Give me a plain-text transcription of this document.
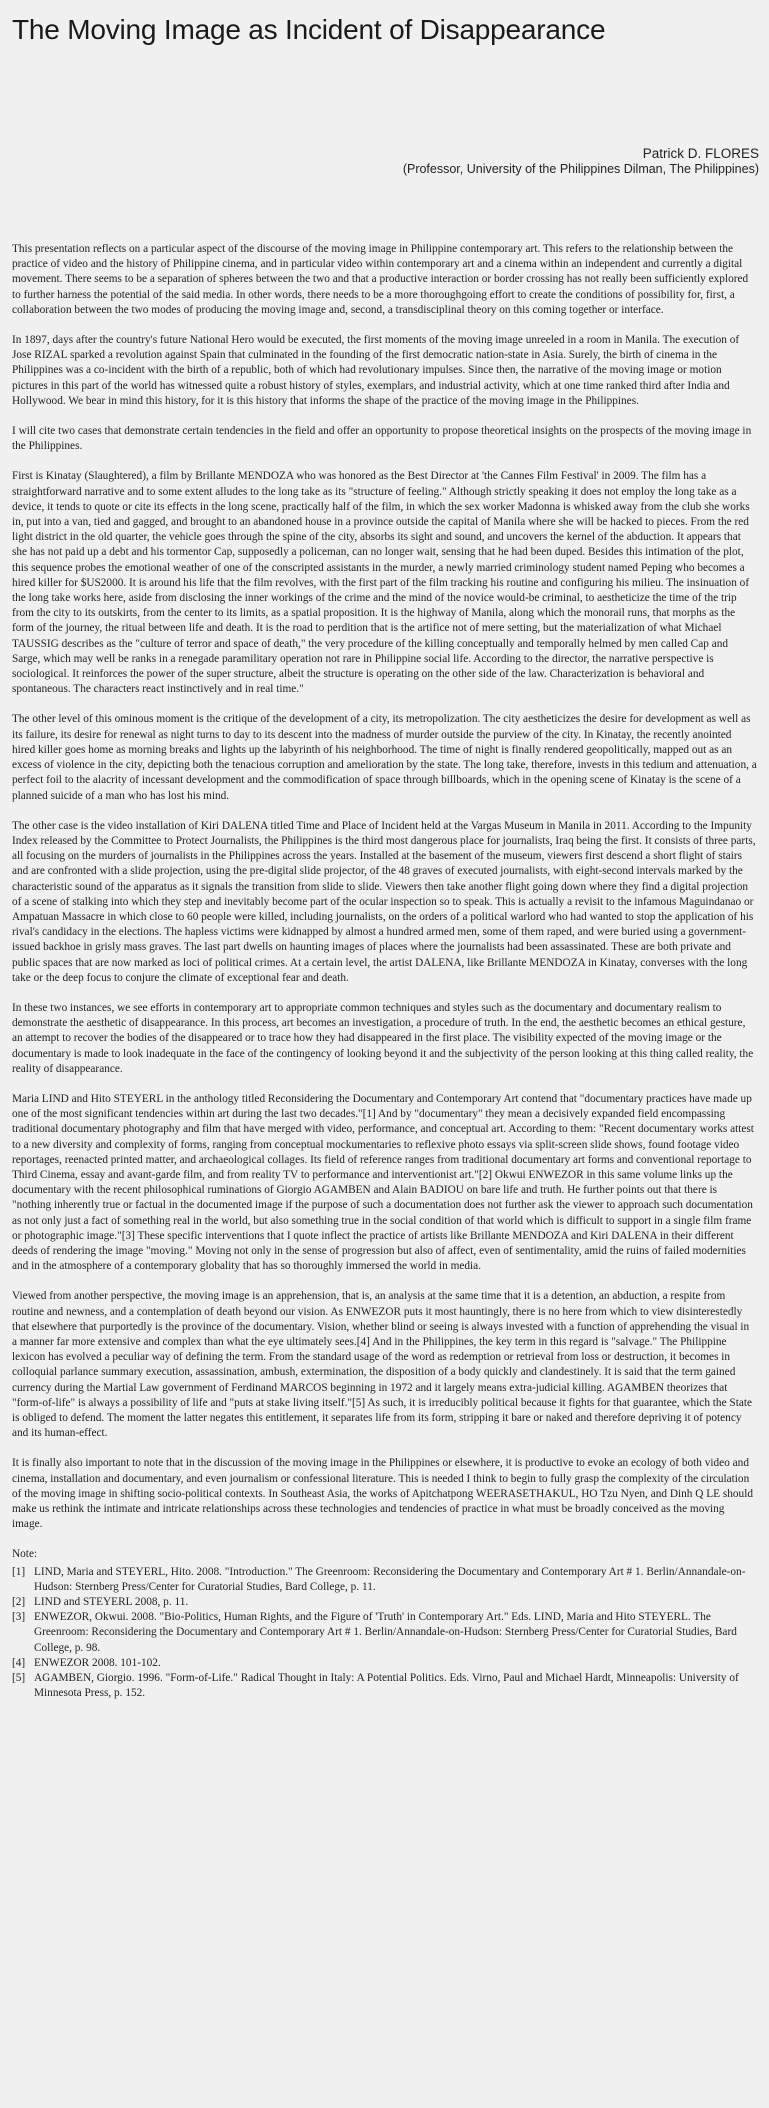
The Moving Image as Incident of Disappearance
Patrick D. FLORES
(Professor, University of the Philippines Dilman, The Philippines)

This presentation reflects on a particular aspect of the discourse of the moving image in Philippine contemporary art. This refers to the relationship between the practice of video and the history of Philippine cinema, and in particular video within contemporary art and a cinema within an independent and currently a digital movement. There seems to be a separation of spheres between the two and that a productive interaction or border crossing has not really been sufficiently explored to further harness the potential of the said media. In other words, there needs to be a more thoroughgoing effort to create the conditions of possibility for, first, a collaboration between the two modes of producing the moving image and, second, a transdisciplinal theory on this coming together or interface.

In 1897, days after the country's future National Hero would be executed, the first moments of the moving image unreeled in a room in Manila. The execution of Jose RIZAL sparked a revolution against Spain that culminated in the founding of the first democratic nation-state in Asia. Surely, the birth of cinema in the Philippines was a co-incident with the birth of a republic, both of which had revolutionary impulses. Since then, the narrative of the moving image or motion pictures in this part of the world has witnessed quite a robust history of styles, exemplars, and industrial activity, which at one time ranked third after India and Hollywood. We bear in mind this history, for it is this history that informs the shape of the practice of the moving image in the Philippines.

I will cite two cases that demonstrate certain tendencies in the field and offer an opportunity to propose theoretical insights on the prospects of the moving image in the Philippines.

First is Kinatay (Slaughtered), a film by Brillante MENDOZA who was honored as the Best Director at 'the Cannes Film Festival' in 2009. The film has a straightforward narrative and to some extent alludes to the long take as its "structure of feeling." Although strictly speaking it does not employ the long take as a device, it tends to quote or cite its effects in the long scene, practically half of the film, in which the sex worker Madonna is whisked away from the club she works in, put into a van, tied and gagged, and brought to an abandoned house in a province outside the capital of Manila where she will be hacked to pieces. From the red light district in the old quarter, the vehicle goes through the spine of the city, absorbs its sight and sound, and uncovers the kernel of the abduction. It appears that she has not paid up a debt and his tormentor Cap, supposedly a policeman, can no longer wait, sensing that he had been duped. Besides this intimation of the plot, this sequence probes the emotional weather of one of the conscripted assistants in the murder, a newly married criminology student named Peping who becomes a hired killer for $US2000. It is around his life that the film revolves, with the first part of the film tracking his routine and configuring his milieu. The insinuation of the long take works here, aside from disclosing the inner workings of the crime and the mind of the novice would-be criminal, to aestheticize the time of the trip from the city to its outskirts, from the center to its limits, as a spatial proposition. It is the highway of Manila, along which the monorail runs, that morphs as the form of the journey, the ritual between life and death. It is the road to perdition that is the artifice not of mere setting, but the materialization of what Michael TAUSSIG describes as the "culture of terror and space of death," the very procedure of the killing conceptually and temporally helmed by men called Cap and Sarge, which may well be ranks in a renegade paramilitary operation not rare in Philippine social life. According to the director, the narrative perspective is sociological. It reinforces the power of the super structure, albeit the structure is operating on the other side of the law. Characterization is behavioral and spontaneous. The characters react instinctively and in real time."

The other level of this ominous moment is the critique of the development of a city, its metropolization. The city aestheticizes the desire for development as well as its failure, its desire for renewal as night turns to day to its descent into the madness of murder outside the purview of the city. In Kinatay, the recently anointed hired killer goes home as morning breaks and lights up the labyrinth of his neighborhood. The time of night is finally rendered geopolitically, mapped out as an excess of violence in the city, depicting both the tenacious corruption and amelioration by the state. The long take, therefore, invests in this tedium and attenuation, a perfect foil to the alacrity of incessant development and the commodification of space through billboards, which in the opening scene of Kinatay is the scene of a planned suicide of a man who has lost his mind.

The other case is the video installation of Kiri DALENA titled Time and Place of Incident held at the Vargas Museum in Manila in 2011. According to the Impunity Index released by the Committee to Protect Journalists, the Philippines is the third most dangerous place for journalists, Iraq being the first. It consists of three parts, all focusing on the murders of journalists in the Philippines across the years. Installed at the basement of the museum, viewers first descend a short flight of stairs and are confronted with a slide projection, using the pre-digital slide projector, of the 48 graves of executed journalists, with eight-second intervals marked by the characteristic sound of the apparatus as it signals the transition from slide to slide. Viewers then take another flight going down where they find a digital projection of a scene of stalking into which they step and inevitably become part of the ocular inspection so to speak. This is actually a revisit to the infamous Maguindanao or Ampatuan Massacre in which close to 60 people were killed, including journalists, on the orders of a political warlord who had wanted to stop the application of his rival's candidacy in the elections. The hapless victims were kidnapped by almost a hundred armed men, some of them raped, and were buried using a government-issued backhoe in grisly mass graves. The last part dwells on haunting images of places where the journalists had been assassinated. These are both private and public spaces that are now marked as loci of political crimes. At a certain level, the artist DALENA, like Brillante MENDOZA in Kinatay, converses with the long take or the deep focus to conjure the climate of exceptional fear and death.

In these two instances, we see efforts in contemporary art to appropriate common techniques and styles such as the documentary and documentary realism to demonstrate the aesthetic of disappearance. In this process, art becomes an investigation, a procedure of truth. In the end, the aesthetic becomes an ethical gesture, an attempt to recover the bodies of the disappeared or to trace how they had disappeared in the first place. The visibility expected of the moving image or the documentary is made to look inadequate in the face of the contingency of looking beyond it and the subjectivity of the person looking at this thing called reality, the reality of disappearance.

Maria LIND and Hito STEYERL in the anthology titled Reconsidering the Documentary and Contemporary Art contend that "documentary practices have made up one of the most significant tendencies within art during the last two decades."[1] And by "documentary" they mean a decisively expanded field encompassing traditional documentary photography and film that have merged with video, performance, and conceptual art. According to them: "Recent documentary works attest to a new diversity and complexity of forms, ranging from conceptual mockumentaries to reflexive photo essays via split-screen slide shows, found footage video reportages, reenacted printed matter, and archaeological collages. Its field of reference ranges from traditional documentary art forms and conventional reportage to Third Cinema, essay and avant-garde film, and from reality TV to performance and interventionist art."[2] Okwui ENWEZOR in this same volume links up the documentary with the recent philosophical ruminations of Giorgio AGAMBEN and Alain BADIOU on bare life and truth. He further points out that there is "nothing inherently true or factual in the documented image if the purpose of such a documentation does not further ask the viewer to approach such documentation as not only just a fact of something real in the world, but also something true in the social condition of that world which is difficult to support in a single film frame or photographic image."[3] These specific interventions that I quote inflect the practice of artists like Brillante MENDOZA and Kiri DALENA in their different deeds of rendering the image "moving." Moving not only in the sense of progression but also of affect, even of sentimentality, amid the ruins of failed modernities and in the atmosphere of a contemporary globality that has so thoroughly immersed the world in media.

Viewed from another perspective, the moving image is an apprehension, that is, an analysis at the same time that it is a detention, an abduction, a respite from routine and newness, and a contemplation of death beyond our vision. As ENWEZOR puts it most hauntingly, there is no here from which to view disinterestedly that elsewhere that purportedly is the province of the documentary. Vision, whether blind or seeing is always invested with a function of apprehending the visual in a manner far more extensive and complex than what the eye ultimately sees.[4] And in the Philippines, the key term in this regard is "salvage." The Philippine lexicon has evolved a peculiar way of defining the term. From the standard usage of the word as redemption or retrieval from loss or destruction, it becomes in colloquial parlance summary execution, assassination, ambush, extermination, the disposition of a body quickly and clandestinely. It is said that the term gained currency during the Martial Law government of Ferdinand MARCOS beginning in 1972 and it largely means extra-judicial killing. AGAMBEN theorizes that "form-of-life" is always a possibility of life and "puts at stake living itself."[5] As such, it is irreducibly political because it fights for that guarantee, which the State is obliged to defend. The moment the latter negates this entitlement, it separates life from its form, stripping it bare or naked and therefore depriving it of potency and its human-effect.

It is finally also important to note that in the discussion of the moving image in the Philippines or elsewhere, it is productive to evoke an ecology of both video and cinema, installation and documentary, and even journalism or confessional literature. This is needed I think to begin to fully grasp the complexity of the circulation of the moving image in shifting socio-political contexts. In Southeast Asia, the works of Apitchatpong WEERASETHAKUL, HO Tzu Nyen, and Dinh Q LE should make us rethink the intimate and intricate relationships across these technologies and tendencies of practice in what must be broadly conceived as the moving image.

Note:
[1] LIND, Maria and STEYERL, Hito. 2008. "Introduction." The Greenroom: Reconsidering the Documentary and Contemporary Art # 1. Berlin/Annandale-on-Hudson: Sternberg Press/Center for Curatorial Studies, Bard College, p. 11.
[2] LIND and STEYERL 2008, p. 11.
[3] ENWEZOR, Okwui. 2008. "Bio-Politics, Human Rights, and the Figure of 'Truth' in Contemporary Art." Eds. LIND, Maria and Hito STEYERL. The Greenroom: Reconsidering the Documentary and Contemporary Art # 1. Berlin/Annandale-on-Hudson: Sternberg Press/Center for Curatorial Studies, Bard College, p. 98.
[4] ENWEZOR 2008. 101-102.
[5] AGAMBEN, Giorgio. 1996. "Form-of-Life." Radical Thought in Italy: A Potential Politics. Eds. Virno, Paul and Michael Hardt, Minneapolis: University of Minnesota Press, p. 152.
